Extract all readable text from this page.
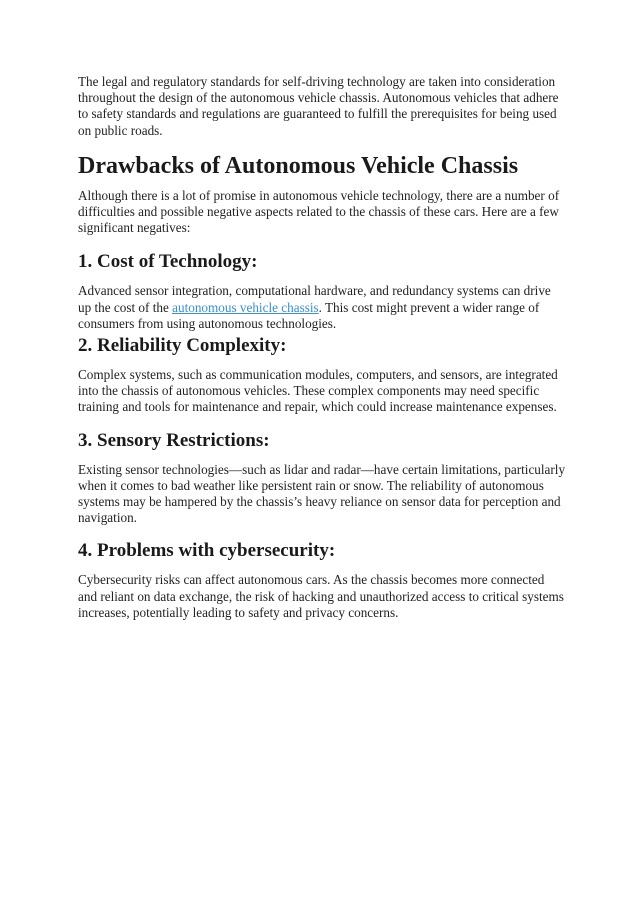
The legal and regulatory standards for self-driving technology are taken into consideration throughout the design of the autonomous vehicle chassis. Autonomous vehicles that adhere to safety standards and regulations are guaranteed to fulfill the prerequisites for being used on public roads.

Drawbacks of Autonomous Vehicle Chassis

Although there is a lot of promise in autonomous vehicle technology, there are a number of difficulties and possible negative aspects related to the chassis of these cars. Here are a few significant negatives:

1. Cost of Technology:

Advanced sensor integration, computational hardware, and redundancy systems can drive up the cost of the autonomous vehicle chassis. This cost might prevent a wider range of consumers from using autonomous technologies.

2. Reliability Complexity:

Complex systems, such as communication modules, computers, and sensors, are integrated into the chassis of autonomous vehicles. These complex components may need specific training and tools for maintenance and repair, which could increase maintenance expenses.

3. Sensory Restrictions:

Existing sensor technologies—such as lidar and radar—have certain limitations, particularly when it comes to bad weather like persistent rain or snow. The reliability of autonomous systems may be hampered by the chassis’s heavy reliance on sensor data for perception and navigation.

4. Problems with cybersecurity:

Cybersecurity risks can affect autonomous cars. As the chassis becomes more connected and reliant on data exchange, the risk of hacking and unauthorized access to critical systems increases, potentially leading to safety and privacy concerns.
